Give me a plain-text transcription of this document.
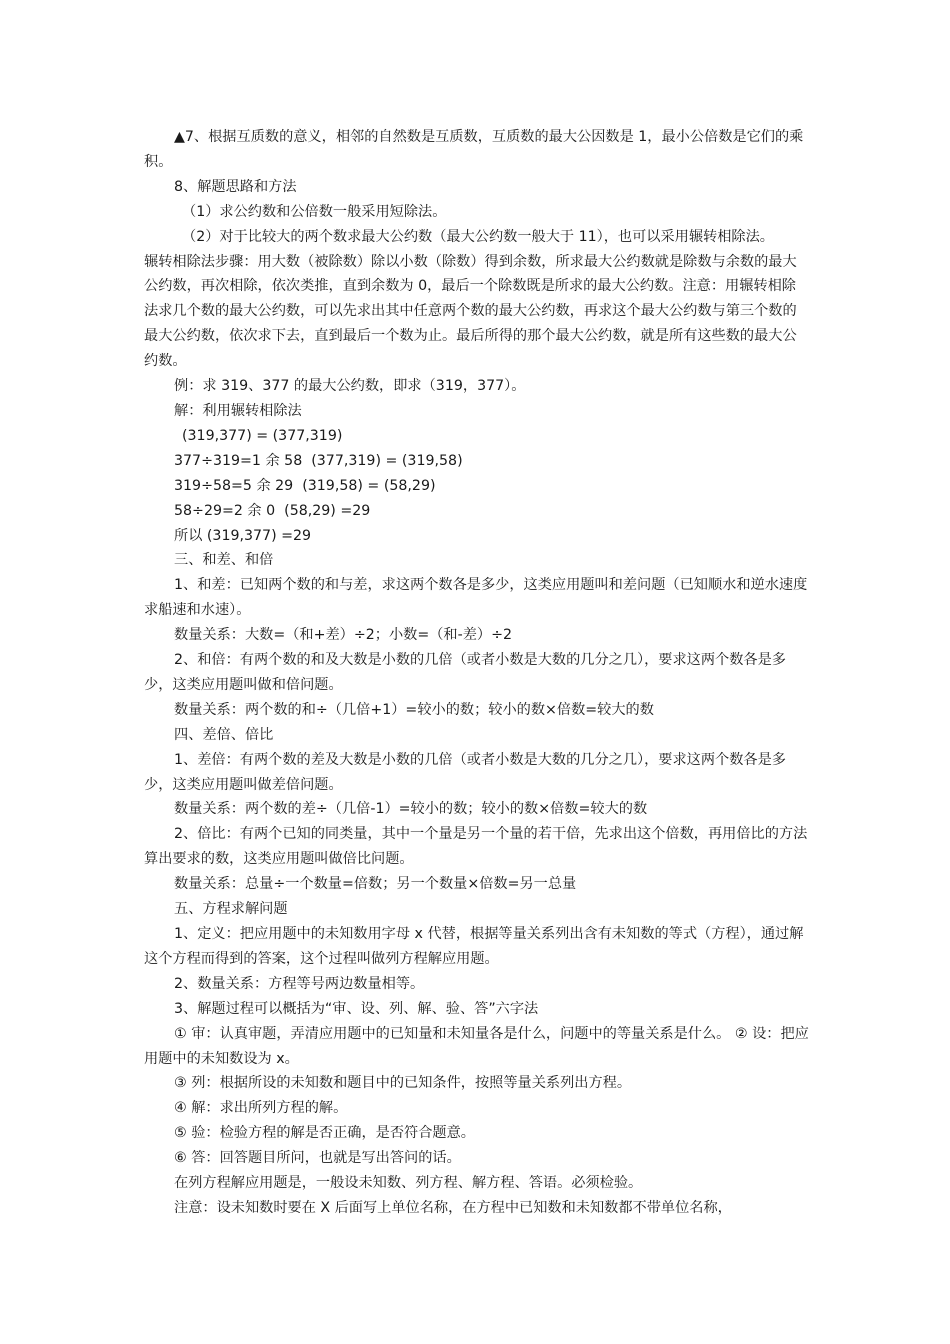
▲7、根据互质数的意义，相邻的自然数是互质数，互质数的最大公因数是 1，最小公倍数是它们的乘积。

8、解题思路和方法

（1）求公约数和公倍数一般采用短除法。

（2）对于比较大的两个数求最大公约数（最大公约数一般大于 11），也可以采用辗转相除法。

辗转相除法步骤：用大数（被除数）除以小数（除数）得到余数，所求最大公约数就是除数与余数的最大公约数，再次相除，依次类推，直到余数为 0，最后一个除数既是所求的最大公约数。注意：用辗转相除法求几个数的最大公约数，可以先求出其中任意两个数的最大公约数，再求这个最大公约数与第三个数的最大公约数，依次求下去，直到最后一个数为止。最后所得的那个最大公约数，就是所有这些数的最大公约数。

例：求 319、377 的最大公约数，即求（319，377）。

解：利用辗转相除法

(319,377) = (377,319)

377÷319=1 余 58  (377,319) = (319,58)

319÷58=5 余 29  (319,58) = (58,29)

58÷29=2 余 0  (58,29) =29

所以 (319,377) =29

三、和差、和倍

1、和差：已知两个数的和与差，求这两个数各是多少，这类应用题叫和差问题（已知顺水和逆水速度求船速和水速）。

数量关系：大数=（和+差）÷2；小数=（和-差）÷2

2、和倍：有两个数的和及大数是小数的几倍（或者小数是大数的几分之几），要求这两个数各是多少，这类应用题叫做和倍问题。

数量关系：两个数的和÷（几倍+1）=较小的数；较小的数×倍数=较大的数

四、差倍、倍比

1、差倍：有两个数的差及大数是小数的几倍（或者小数是大数的几分之几），要求这两个数各是多少，这类应用题叫做差倍问题。

数量关系：两个数的差÷（几倍-1）=较小的数；较小的数×倍数=较大的数

2、倍比：有两个已知的同类量，其中一个量是另一个量的若干倍，先求出这个倍数，再用倍比的方法算出要求的数，这类应用题叫做倍比问题。

数量关系：总量÷一个数量=倍数；另一个数量×倍数=另一总量

五、方程求解问题

1、定义：把应用题中的未知数用字母 x 代替，根据等量关系列出含有未知数的等式（方程），通过解这个方程而得到的答案，这个过程叫做列方程解应用题。

2、数量关系：方程等号两边数量相等。

3、解题过程可以概括为“审、设、列、解、验、答”六字法

① 审：认真审题，弄清应用题中的已知量和未知量各是什么，问题中的等量关系是什么。 ② 设：把应用题中的未知数设为 x。

③ 列：根据所设的未知数和题目中的已知条件，按照等量关系列出方程。

④ 解：求出所列方程的解。

⑤ 验：检验方程的解是否正确，是否符合题意。

⑥ 答：回答题目所问，也就是写出答问的话。

在列方程解应用题是，一般设未知数、列方程、解方程、答语。必须检验。

注意：设未知数时要在 X 后面写上单位名称，在方程中已知数和未知数都不带单位名称，
